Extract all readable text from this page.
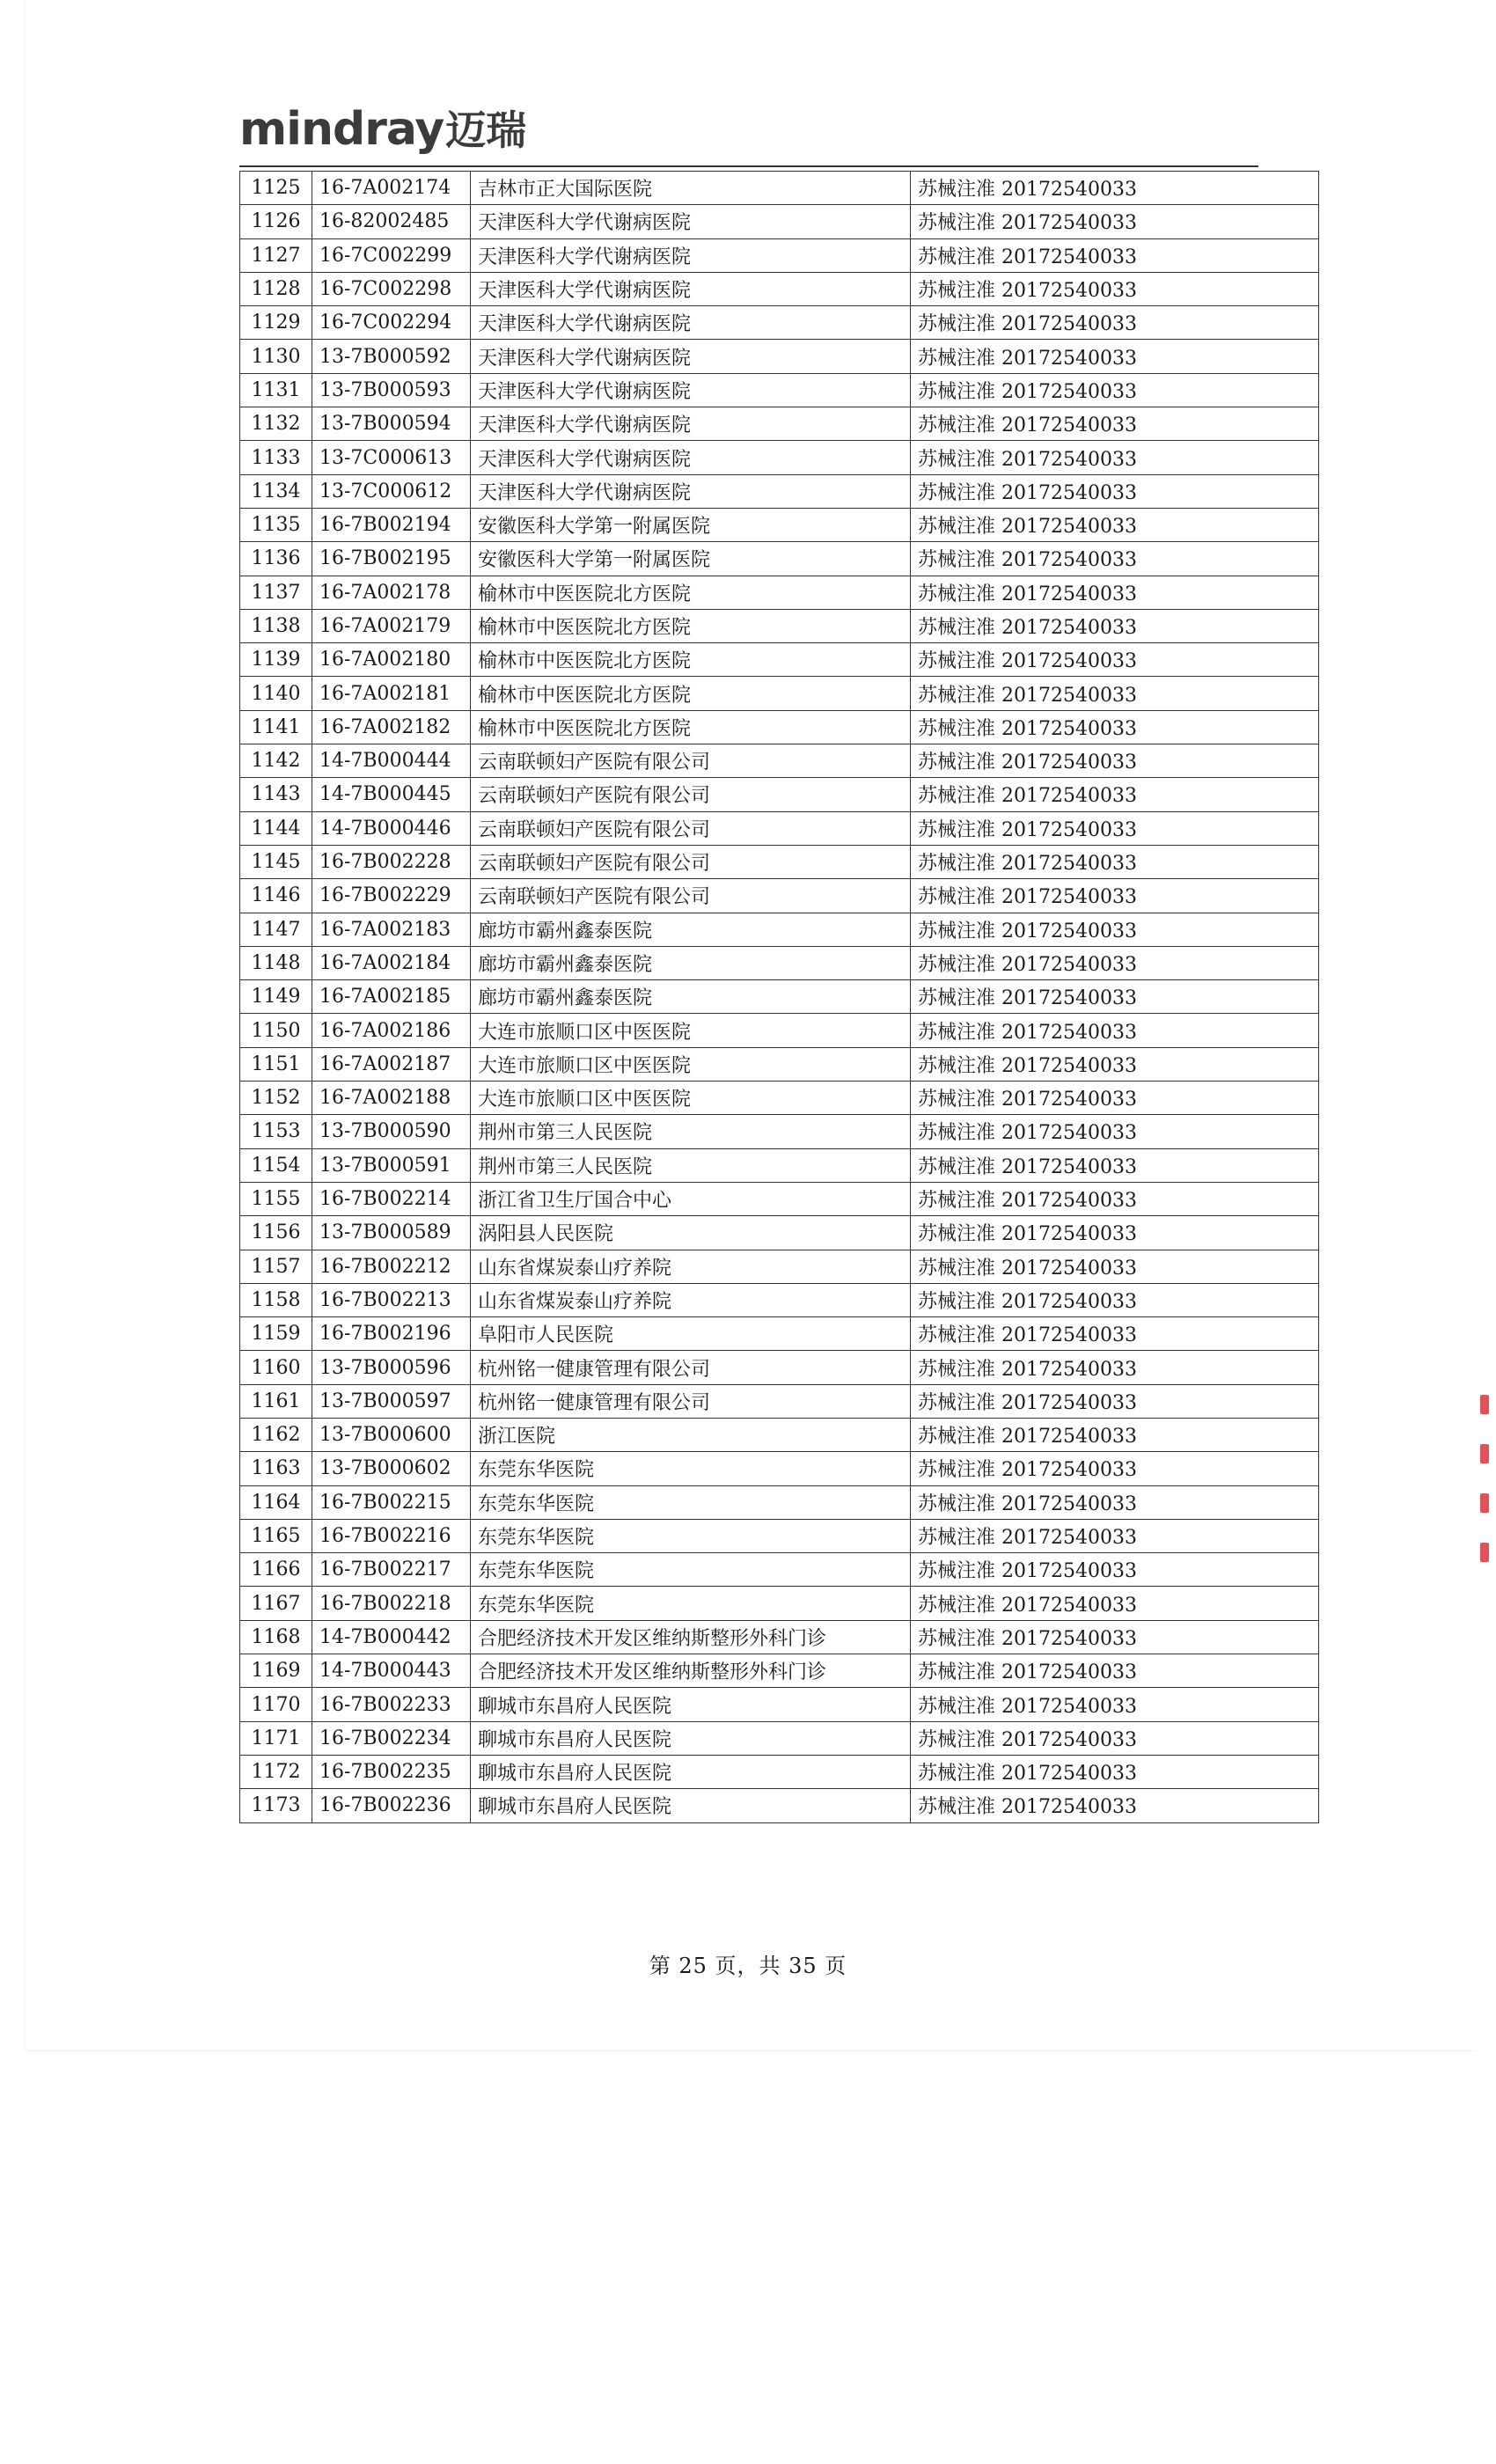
mindray 迈瑞
1125	16-7A002174	吉林市正大国际医院	苏械注准 20172540033
1126	16-82002485	天津医科大学代谢病医院	苏械注准 20172540033
1127	16-7C002299	天津医科大学代谢病医院	苏械注准 20172540033
1128	16-7C002298	天津医科大学代谢病医院	苏械注准 20172540033
1129	16-7C002294	天津医科大学代谢病医院	苏械注准 20172540033
1130	13-7B000592	天津医科大学代谢病医院	苏械注准 20172540033
1131	13-7B000593	天津医科大学代谢病医院	苏械注准 20172540033
1132	13-7B000594	天津医科大学代谢病医院	苏械注准 20172540033
1133	13-7C000613	天津医科大学代谢病医院	苏械注准 20172540033
1134	13-7C000612	天津医科大学代谢病医院	苏械注准 20172540033
1135	16-7B002194	安徽医科大学第一附属医院	苏械注准 20172540033
1136	16-7B002195	安徽医科大学第一附属医院	苏械注准 20172540033
1137	16-7A002178	榆林市中医医院北方医院	苏械注准 20172540033
1138	16-7A002179	榆林市中医医院北方医院	苏械注准 20172540033
1139	16-7A002180	榆林市中医医院北方医院	苏械注准 20172540033
1140	16-7A002181	榆林市中医医院北方医院	苏械注准 20172540033
1141	16-7A002182	榆林市中医医院北方医院	苏械注准 20172540033
1142	14-7B000444	云南联顿妇产医院有限公司	苏械注准 20172540033
1143	14-7B000445	云南联顿妇产医院有限公司	苏械注准 20172540033
1144	14-7B000446	云南联顿妇产医院有限公司	苏械注准 20172540033
1145	16-7B002228	云南联顿妇产医院有限公司	苏械注准 20172540033
1146	16-7B002229	云南联顿妇产医院有限公司	苏械注准 20172540033
1147	16-7A002183	廊坊市霸州鑫泰医院	苏械注准 20172540033
1148	16-7A002184	廊坊市霸州鑫泰医院	苏械注准 20172540033
1149	16-7A002185	廊坊市霸州鑫泰医院	苏械注准 20172540033
1150	16-7A002186	大连市旅顺口区中医医院	苏械注准 20172540033
1151	16-7A002187	大连市旅顺口区中医医院	苏械注准 20172540033
1152	16-7A002188	大连市旅顺口区中医医院	苏械注准 20172540033
1153	13-7B000590	荆州市第三人民医院	苏械注准 20172540033
1154	13-7B000591	荆州市第三人民医院	苏械注准 20172540033
1155	16-7B002214	浙江省卫生厅国合中心	苏械注准 20172540033
1156	13-7B000589	涡阳县人民医院	苏械注准 20172540033
1157	16-7B002212	山东省煤炭泰山疗养院	苏械注准 20172540033
1158	16-7B002213	山东省煤炭泰山疗养院	苏械注准 20172540033
1159	16-7B002196	阜阳市人民医院	苏械注准 20172540033
1160	13-7B000596	杭州铭一健康管理有限公司	苏械注准 20172540033
1161	13-7B000597	杭州铭一健康管理有限公司	苏械注准 20172540033
1162	13-7B000600	浙江医院	苏械注准 20172540033
1163	13-7B000602	东莞东华医院	苏械注准 20172540033
1164	16-7B002215	东莞东华医院	苏械注准 20172540033
1165	16-7B002216	东莞东华医院	苏械注准 20172540033
1166	16-7B002217	东莞东华医院	苏械注准 20172540033
1167	16-7B002218	东莞东华医院	苏械注准 20172540033
1168	14-7B000442	合肥经济技术开发区维纳斯整形外科门诊	苏械注准 20172540033
1169	14-7B000443	合肥经济技术开发区维纳斯整形外科门诊	苏械注准 20172540033
1170	16-7B002233	聊城市东昌府人民医院	苏械注准 20172540033
1171	16-7B002234	聊城市东昌府人民医院	苏械注准 20172540033
1172	16-7B002235	聊城市东昌府人民医院	苏械注准 20172540033
1173	16-7B002236	聊城市东昌府人民医院	苏械注准 20172540033
第 25 页，共 35 页
